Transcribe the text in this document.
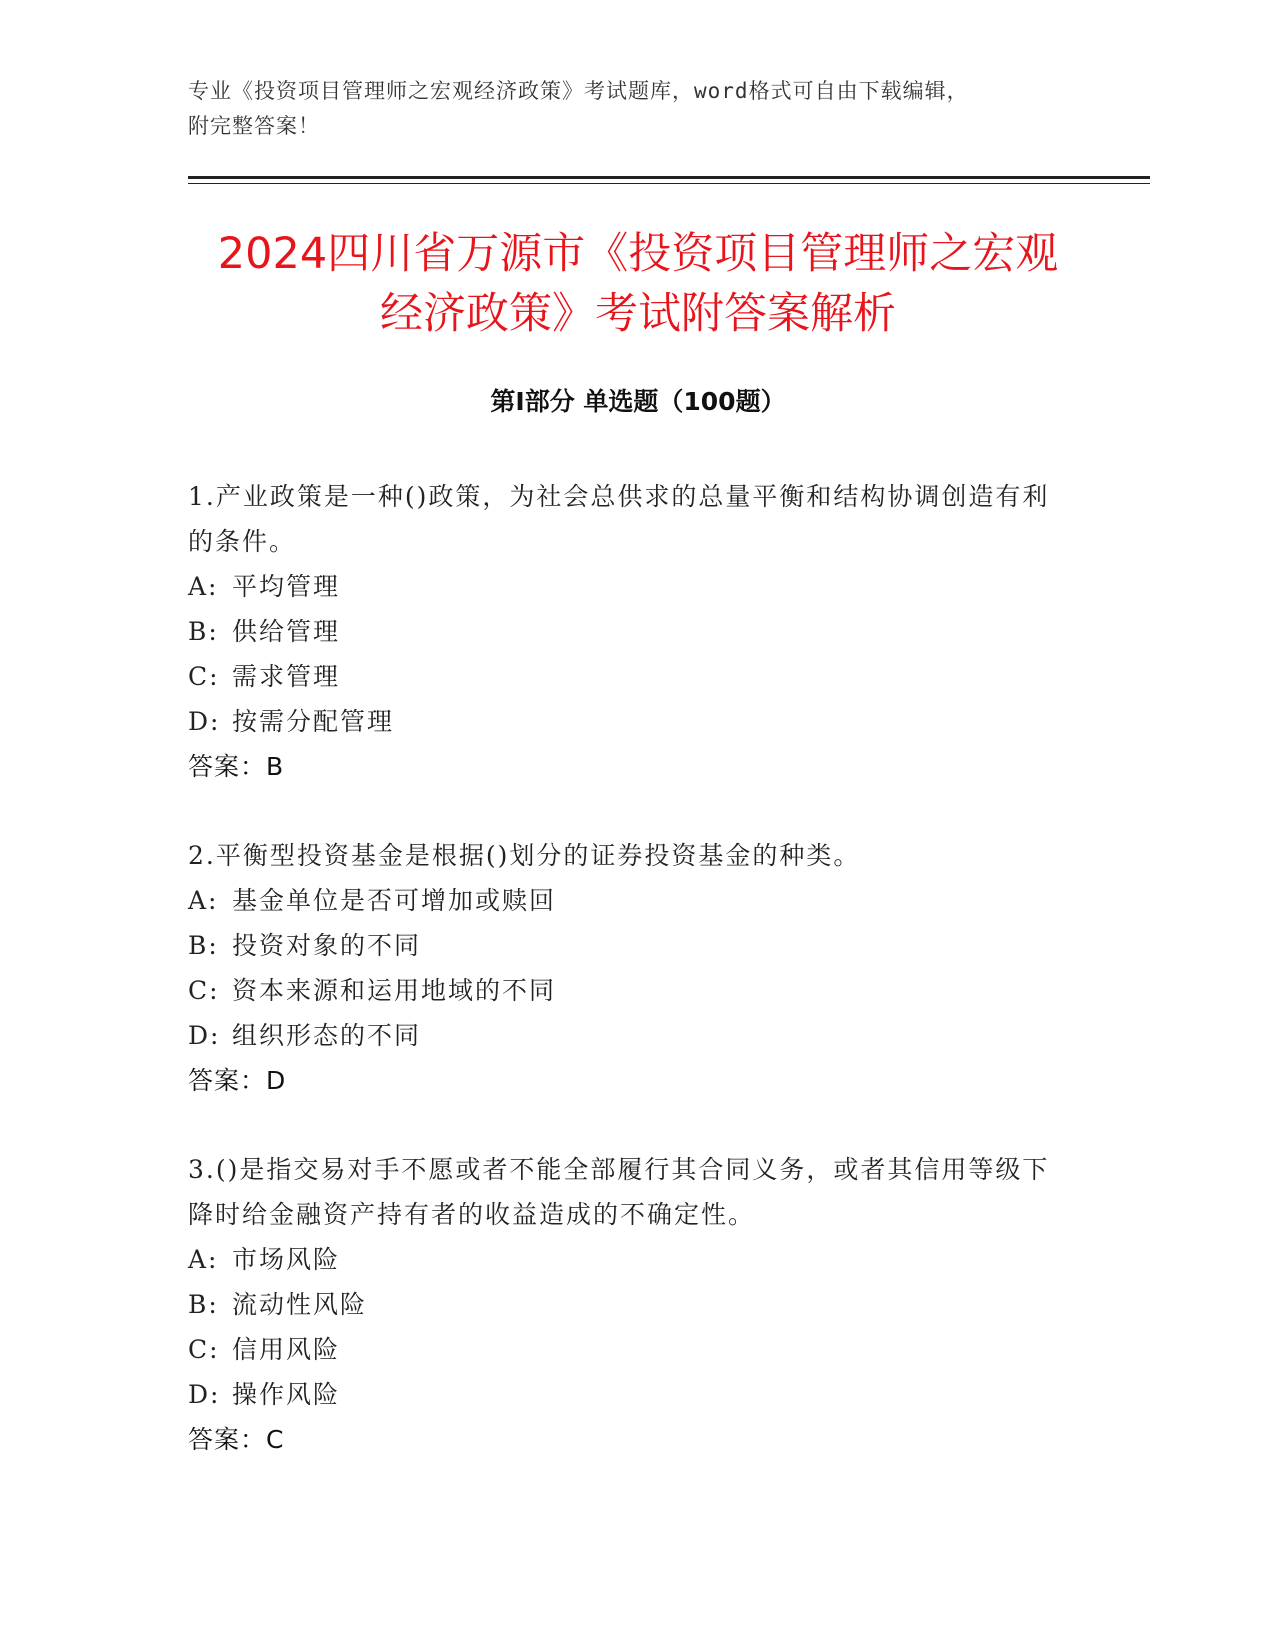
专业《投资项目管理师之宏观经济政策》考试题库，word格式可自由下载编辑，
附完整答案！
2024四川省万源市《投资项目管理师之宏观
经济政策》考试附答案解析
第Ⅰ部分 单选题（100题）
1.产业政策是一种()政策，为社会总供求的总量平衡和结构协调创造有利的条件。
A: 平均管理
B: 供给管理
C: 需求管理
D: 按需分配管理
答案：B
2.平衡型投资基金是根据()划分的证券投资基金的种类。
A: 基金单位是否可增加或赎回
B: 投资对象的不同
C: 资本来源和运用地域的不同
D: 组织形态的不同
答案：D
3.()是指交易对手不愿或者不能全部履行其合同义务，或者其信用等级下降时给金融资产持有者的收益造成的不确定性。
A: 市场风险
B: 流动性风险
C: 信用风险
D: 操作风险
答案：C
